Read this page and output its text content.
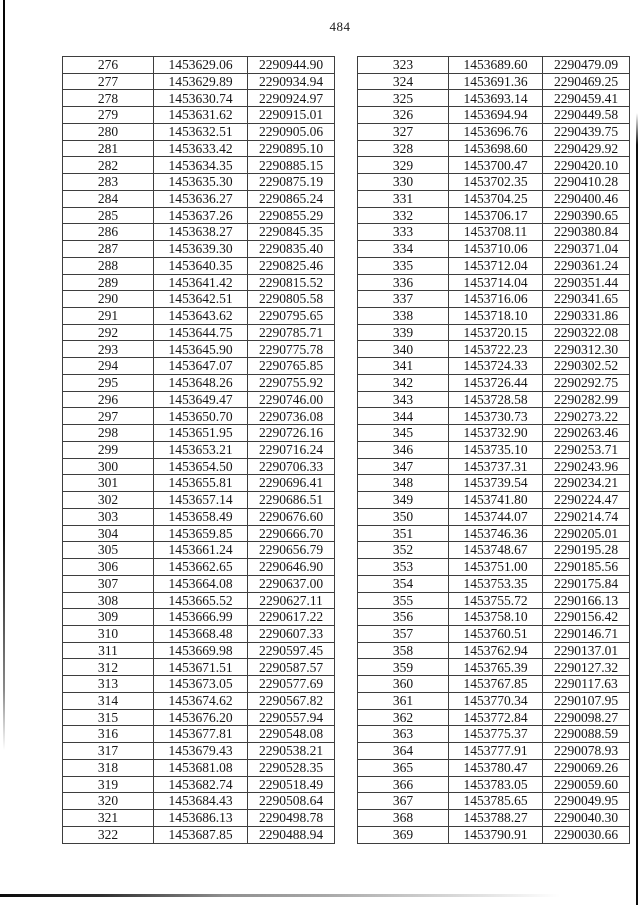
484
276	1453629.06	2290944.90
277	1453629.89	2290934.94
278	1453630.74	2290924.97
279	1453631.62	2290915.01
280	1453632.51	2290905.06
281	1453633.42	2290895.10
282	1453634.35	2290885.15
283	1453635.30	2290875.19
284	1453636.27	2290865.24
285	1453637.26	2290855.29
286	1453638.27	2290845.35
287	1453639.30	2290835.40
288	1453640.35	2290825.46
289	1453641.42	2290815.52
290	1453642.51	2290805.58
291	1453643.62	2290795.65
292	1453644.75	2290785.71
293	1453645.90	2290775.78
294	1453647.07	2290765.85
295	1453648.26	2290755.92
296	1453649.47	2290746.00
297	1453650.70	2290736.08
298	1453651.95	2290726.16
299	1453653.21	2290716.24
300	1453654.50	2290706.33
301	1453655.81	2290696.41
302	1453657.14	2290686.51
303	1453658.49	2290676.60
304	1453659.85	2290666.70
305	1453661.24	2290656.79
306	1453662.65	2290646.90
307	1453664.08	2290637.00
308	1453665.52	2290627.11
309	1453666.99	2290617.22
310	1453668.48	2290607.33
311	1453669.98	2290597.45
312	1453671.51	2290587.57
313	1453673.05	2290577.69
314	1453674.62	2290567.82
315	1453676.20	2290557.94
316	1453677.81	2290548.08
317	1453679.43	2290538.21
318	1453681.08	2290528.35
319	1453682.74	2290518.49
320	1453684.43	2290508.64
321	1453686.13	2290498.78
322	1453687.85	2290488.94
323	1453689.60	2290479.09
324	1453691.36	2290469.25
325	1453693.14	2290459.41
326	1453694.94	2290449.58
327	1453696.76	2290439.75
328	1453698.60	2290429.92
329	1453700.47	2290420.10
330	1453702.35	2290410.28
331	1453704.25	2290400.46
332	1453706.17	2290390.65
333	1453708.11	2290380.84
334	1453710.06	2290371.04
335	1453712.04	2290361.24
336	1453714.04	2290351.44
337	1453716.06	2290341.65
338	1453718.10	2290331.86
339	1453720.15	2290322.08
340	1453722.23	2290312.30
341	1453724.33	2290302.52
342	1453726.44	2290292.75
343	1453728.58	2290282.99
344	1453730.73	2290273.22
345	1453732.90	2290263.46
346	1453735.10	2290253.71
347	1453737.31	2290243.96
348	1453739.54	2290234.21
349	1453741.80	2290224.47
350	1453744.07	2290214.74
351	1453746.36	2290205.01
352	1453748.67	2290195.28
353	1453751.00	2290185.56
354	1453753.35	2290175.84
355	1453755.72	2290166.13
356	1453758.10	2290156.42
357	1453760.51	2290146.71
358	1453762.94	2290137.01
359	1453765.39	2290127.32
360	1453767.85	2290117.63
361	1453770.34	2290107.95
362	1453772.84	2290098.27
363	1453775.37	2290088.59
364	1453777.91	2290078.93
365	1453780.47	2290069.26
366	1453783.05	2290059.60
367	1453785.65	2290049.95
368	1453788.27	2290040.30
369	1453790.91	2290030.66
